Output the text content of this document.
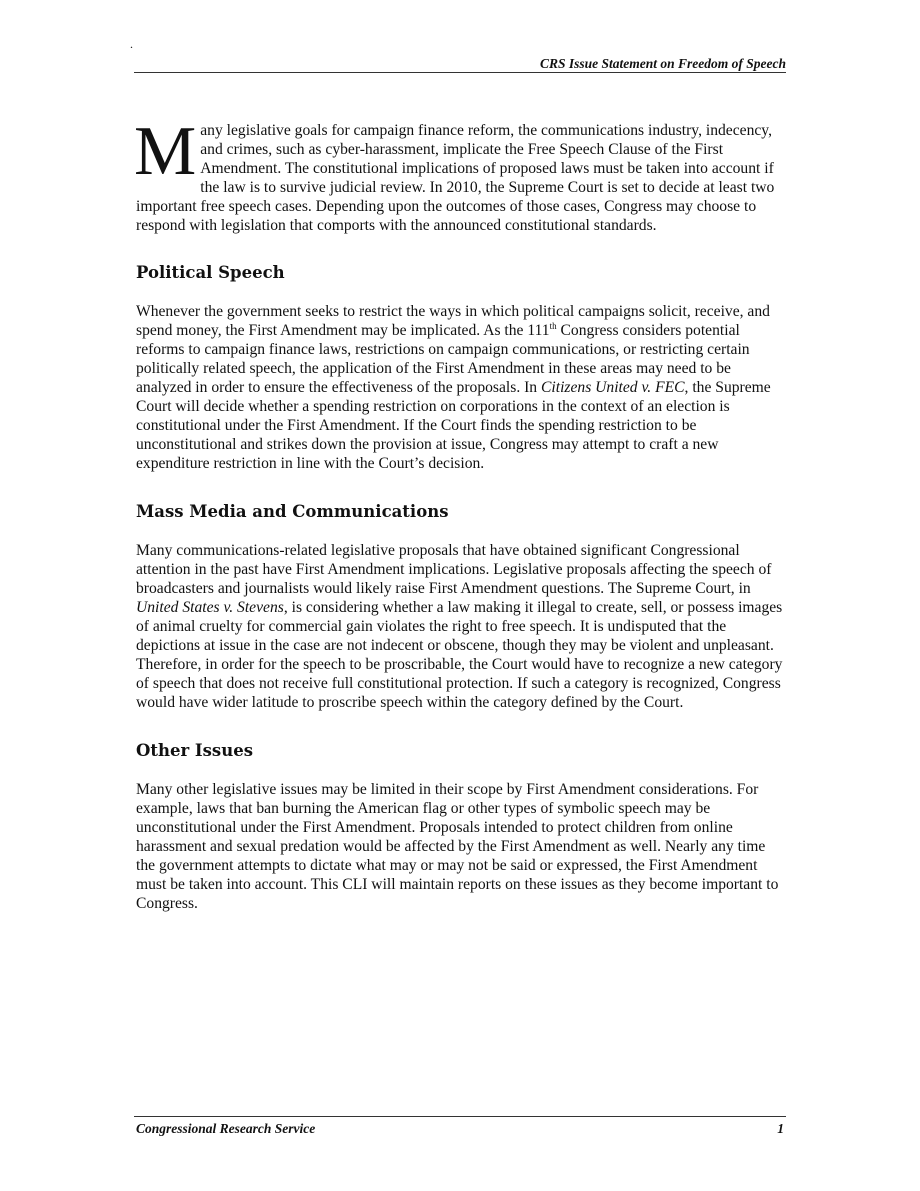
.
CRS Issue Statement on Freedom of Speech

Many legislative goals for campaign finance reform, the communications industry, indecency, and crimes, such as cyber-harassment, implicate the Free Speech Clause of the First Amendment. The constitutional implications of proposed laws must be taken into account if the law is to survive judicial review. In 2010, the Supreme Court is set to decide at least two important free speech cases. Depending upon the outcomes of those cases, Congress may choose to respond with legislation that comports with the announced constitutional standards.

Political Speech

Whenever the government seeks to restrict the ways in which political campaigns solicit, receive, and spend money, the First Amendment may be implicated. As the 111th Congress considers potential reforms to campaign finance laws, restrictions on campaign communications, or restricting certain politically related speech, the application of the First Amendment in these areas may need to be analyzed in order to ensure the effectiveness of the proposals. In Citizens United v. FEC, the Supreme Court will decide whether a spending restriction on corporations in the context of an election is constitutional under the First Amendment. If the Court finds the spending restriction to be unconstitutional and strikes down the provision at issue, Congress may attempt to craft a new expenditure restriction in line with the Court’s decision.

Mass Media and Communications

Many communications-related legislative proposals that have obtained significant Congressional attention in the past have First Amendment implications. Legislative proposals affecting the speech of broadcasters and journalists would likely raise First Amendment questions. The Supreme Court, in United States v. Stevens, is considering whether a law making it illegal to create, sell, or possess images of animal cruelty for commercial gain violates the right to free speech. It is undisputed that the depictions at issue in the case are not indecent or obscene, though they may be violent and unpleasant. Therefore, in order for the speech to be proscribable, the Court would have to recognize a new category of speech that does not receive full constitutional protection. If such a category is recognized, Congress would have wider latitude to proscribe speech within the category defined by the Court.

Other Issues

Many other legislative issues may be limited in their scope by First Amendment considerations. For example, laws that ban burning the American flag or other types of symbolic speech may be unconstitutional under the First Amendment. Proposals intended to protect children from online harassment and sexual predation would be affected by the First Amendment as well. Nearly any time the government attempts to dictate what may or may not be said or expressed, the First Amendment must be taken into account. This CLI will maintain reports on these issues as they become important to Congress.

Congressional Research Service	1
